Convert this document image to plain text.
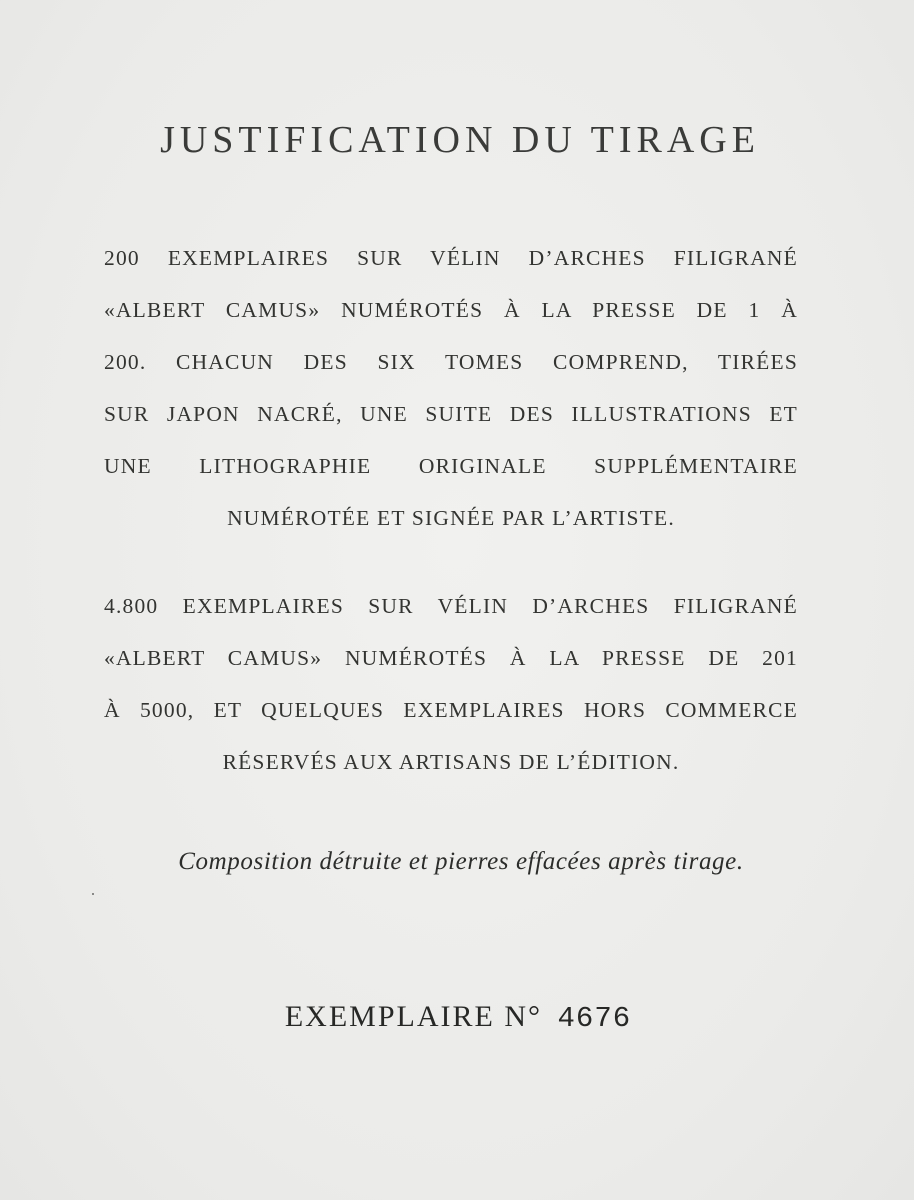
JUSTIFICATION DU TIRAGE
200 EXEMPLAIRES SUR VÉLIN D’ARCHES FILIGRANÉ
«ALBERT CAMUS» NUMÉROTÉS À LA PRESSE DE 1 À
200. CHACUN DES SIX TOMES COMPREND, TIRÉES
SUR JAPON NACRÉ, UNE SUITE DES ILLUSTRATIONS ET
UNE LITHOGRAPHIE ORIGINALE SUPPLÉMENTAIRE
NUMÉROTÉE ET SIGNÉE PAR L’ARTISTE.
4.800 EXEMPLAIRES SUR VÉLIN D’ARCHES FILIGRANÉ
«ALBERT CAMUS» NUMÉROTÉS À LA PRESSE DE 201
À 5000, ET QUELQUES EXEMPLAIRES HORS COMMERCE
RÉSERVÉS AUX ARTISANS DE L’ÉDITION.
Composition détruite et pierres effacées après tirage.
EXEMPLAIRE N° 4676
